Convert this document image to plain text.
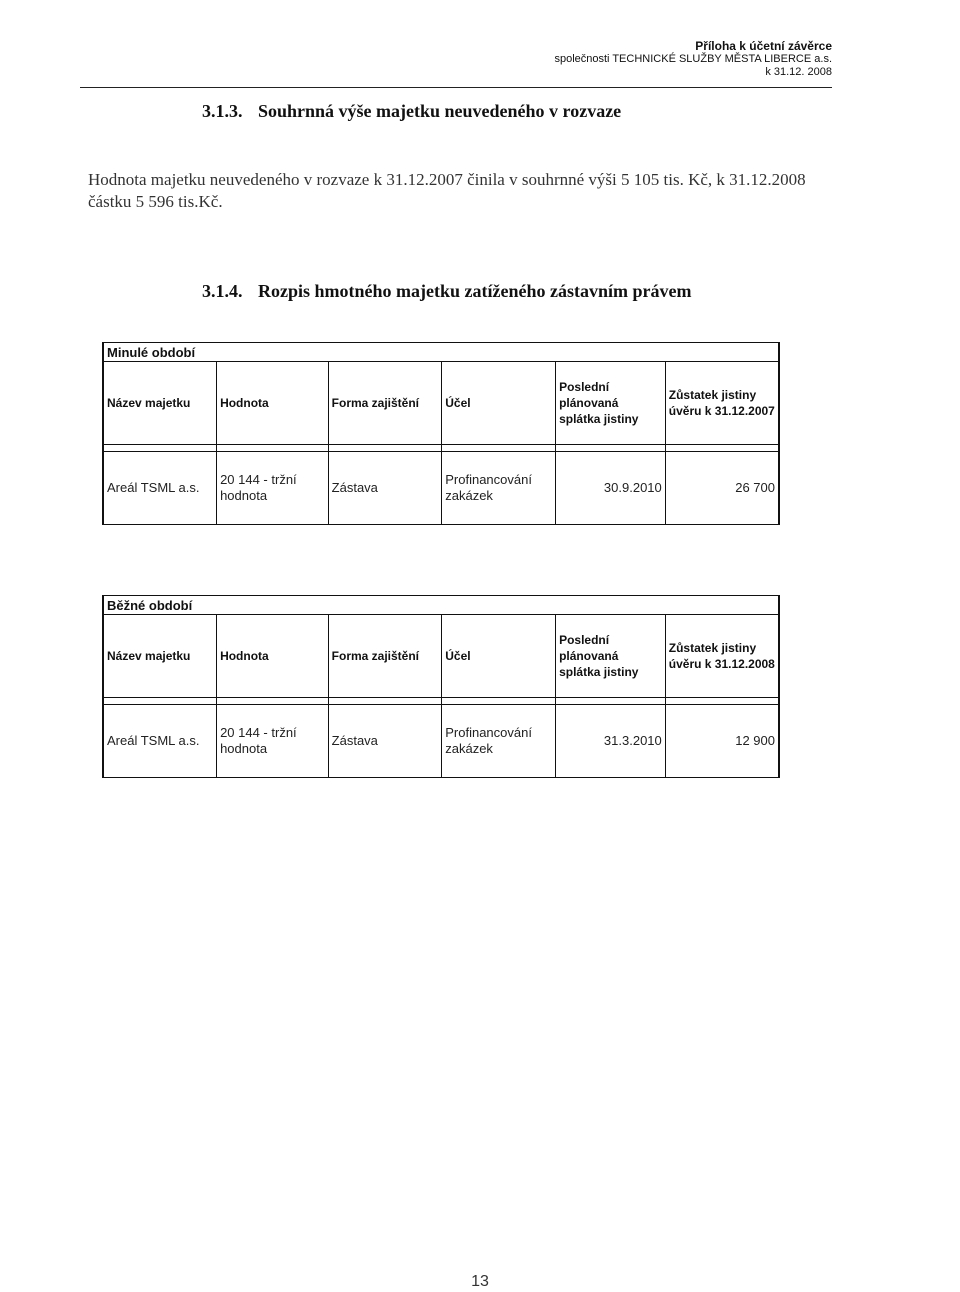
Příloha k účetní závěrce
společnosti TECHNICKÉ SLUŽBY MĚSTA LIBERCE a.s.
k 31.12. 2008
3.1.3. Souhrnná výše majetku neuvedeného v rozvaze
Hodnota majetku neuvedeného v rozvaze k 31.12.2007 činila v souhrnné výši 5 105 tis. Kč, k 31.12.2008 částku 5 596 tis.Kč.
3.1.4. Rozpis hmotného majetku zatíženého zástavním právem
Minulé období					
Název majetku	Hodnota	Forma zajištění	Účel	Poslední plánovaná splátka jistiny	Zůstatek jistiny úvěru k 31.12.2007

Areál TSML a.s.	20 144 - tržní hodnota	Zástava	Profinancování zakázek	30.9.2010	26 700
Běžné období					
Název majetku	Hodnota	Forma zajištění	Účel	Poslední plánovaná splátka jistiny	Zůstatek jistiny úvěru k 31.12.2008

Areál TSML a.s.	20 144 - tržní hodnota	Zástava	Profinancování zakázek	31.3.2010	12 900
13
